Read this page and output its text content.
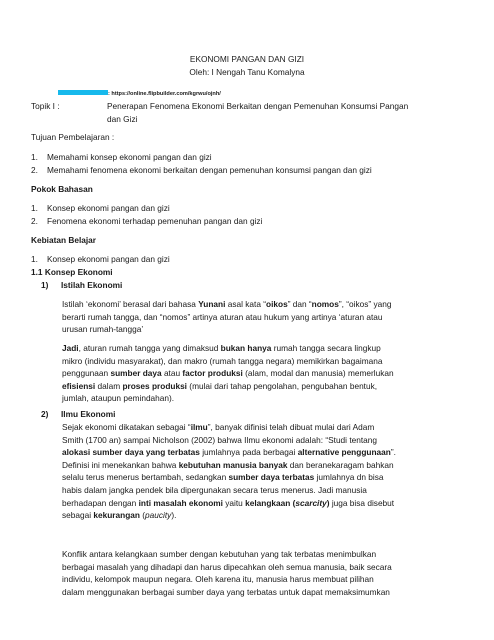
EKONOMI PANGAN DAN GIZI
Oleh: I Nengah Tanu Komalyna
: https://online.flipbuilder.com/kgrwu/ojnh/
Topik I :	Penerapan Fenomena Ekonomi Berkaitan dengan Pemenuhan Konsumsi Pangan
dan Gizi
Tujuan Pembelajaran :
1. Memahami konsep ekonomi pangan dan gizi
2. Memahami fenomena ekonomi berkaitan dengan pemenuhan konsumsi pangan dan gizi
Pokok Bahasan
1. Konsep ekonomi pangan dan gizi
2. Fenomena ekonomi terhadap pemenuhan pangan dan gizi
Kebiatan Belajar
1. Konsep ekonomi pangan dan gizi
1.1 Konsep Ekonomi
1) Istilah Ekonomi
Istilah ‘ekonomi’ berasal dari bahasa Yunani asal kata “oikos” dan “nomos”, “oikos” yang
berarti rumah tangga, dan “nomos” artinya aturan atau hukum yang artinya ‘aturan atau
urusan rumah-tangga’
Jadi, aturan rumah tangga yang dimaksud bukan hanya rumah tangga secara lingkup
mikro (individu masyarakat), dan makro (rumah tangga negara) memikirkan bagaimana
penggunaan sumber daya atau factor produksi (alam, modal dan manusia) memerlukan
efisiensi dalam proses produksi (mulai dari tahap pengolahan, pengubahan bentuk,
jumlah, ataupun pemindahan).
2) Ilmu Ekonomi
Sejak ekonomi dikatakan sebagai “ilmu”, banyak difinisi telah dibuat mulai dari Adam
Smith (1700 an) sampai Nicholson (2002) bahwa Ilmu ekonomi adalah: “Studi tentang
alokasi sumber daya yang terbatas jumlahnya pada berbagai alternative penggunaan”.
Definisi ini menekankan bahwa kebutuhan manusia banyak dan beranekaragam bahkan
selalu terus menerus bertambah, sedangkan sumber daya terbatas jumlahnya dn bisa
habis dalam jangka pendek bila dipergunakan secara terus menerus. Jadi manusia
berhadapan dengan inti masalah ekonomi yaitu kelangkaan (scarcity) juga bisa disebut
sebagai kekurangan (paucity).
Konflik antara kelangkaan sumber dengan kebutuhan yang tak terbatas menimbulkan
berbagai masalah yang dihadapi dan harus dipecahkan oleh semua manusia, baik secara
individu, kelompok maupun negara. Oleh karena itu, manusia harus membuat pilihan
dalam menggunakan berbagai sumber daya yang terbatas untuk dapat memaksimumkan
